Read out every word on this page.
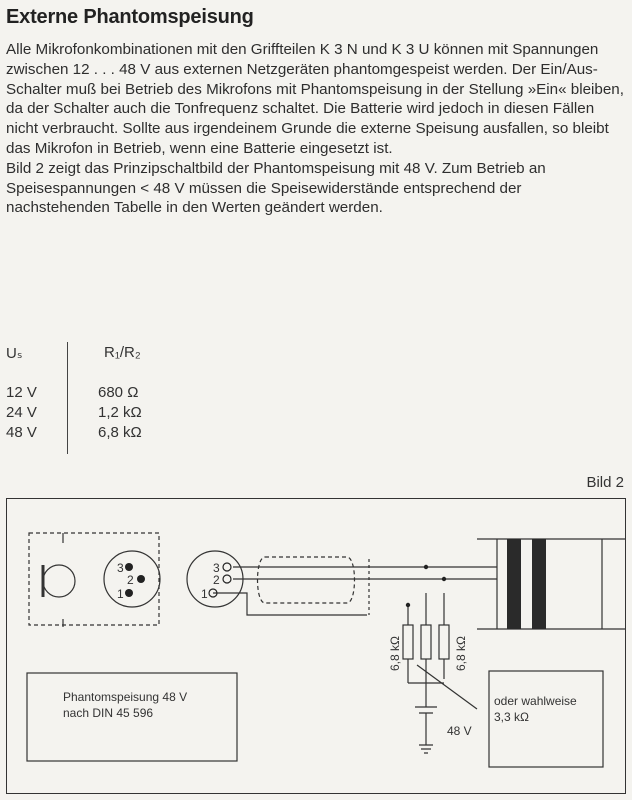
Externe Phantomspeisung

Alle Mikrofonkombinationen mit den Griffteilen K 3 N und K 3 U können mit Spannungen zwischen 12 . . . 48 V aus externen Netzgeräten phantomgespeist werden. Der Ein/Aus-Schalter muß bei Betrieb des Mikrofons mit Phantomspeisung in der Stellung »Ein« bleiben, da der Schalter auch die Tonfrequenz schaltet. Die Batterie wird jedoch in diesen Fällen nicht verbraucht. Sollte aus irgendeinem Grunde die externe Speisung ausfallen, so bleibt das Mikrofon in Betrieb, wenn eine Batterie eingesetzt ist.

Bild 2 zeigt das Prinzipschaltbild der Phantomspeisung mit 48 V. Zum Betrieb an Speisespannungen < 48 V müssen die Speisewiderstände entsprechend der nachstehenden Tabelle in den Werten geändert werden.

Uₛ	R₁/R₂
12 V	680 Ω
24 V	1,2 kΩ
48 V	6,8 kΩ
Bild 2
3
2
1
3
2
1
6,8 kΩ	6,8 kΩ
48 V
Phantomspeisung 48 V
nach DIN 45 596
oder wahlweise
3,3 kΩ
